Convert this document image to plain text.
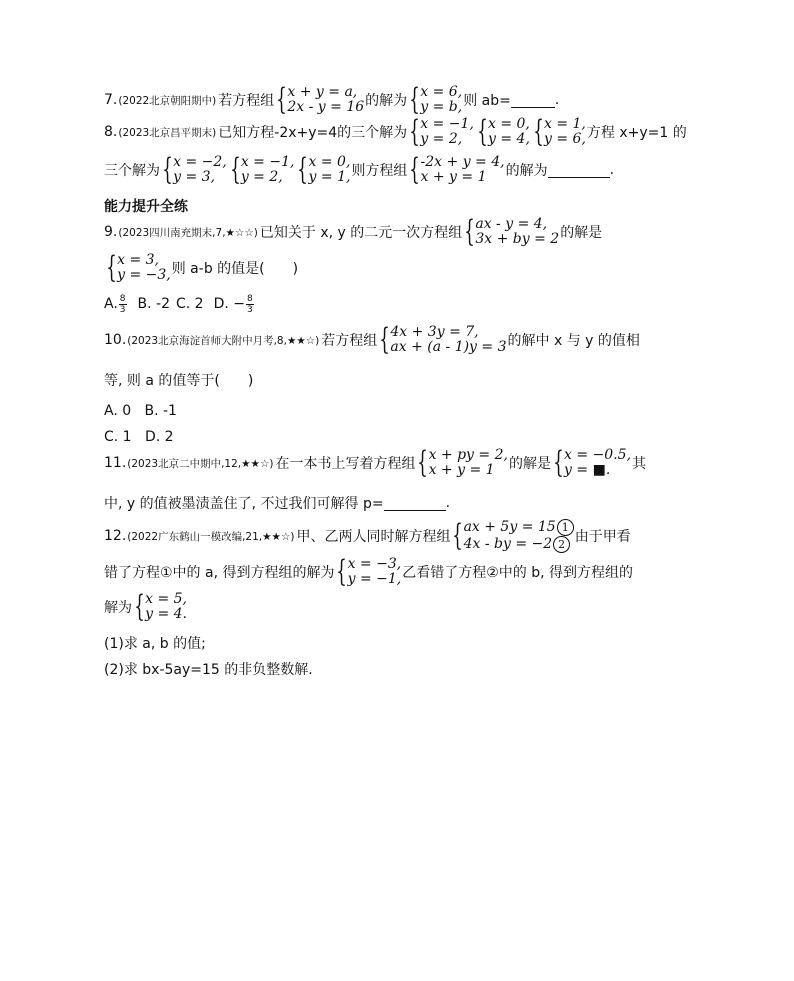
7. (2022北京朝阳期中) 若方程组 { x + y = a,
2x - y = 16 的解为 { x = 6,
y = b, 则 ab=	.
8. (2023北京昌平期末) 已知方程-2x+y=4的三个解为 { x = −1,
y = 2, { x = 0,
y = 4, { x = 1,
y = 6, 方程 x+y=1 的
三个解为 { x = −2,
y = 3, { x = −1,
y = 2, { x = 0,
y = 1, 则方程组 { -2x + y = 4,
x + y = 1	的解为	.
能力提升全练
9. (2023四川南充期末,7,★☆☆) 已知关于 x, y 的二元一次方程组 { ax - y = 4,
3x + by = 2 的解是
{ x = 3,
y = −3, 则 a-b 的值是(　　)
A. $\frac{8}{3} B$. -2 C. 2 D. − $\frac{8}{3}$
10. (2023北京海淀首师大附中月考,8,★★☆) 若方程组 { 4x + 3y = 7,
ax + (a - 1)y = 3 的解中 x 与 y 的值相
等, 则 a 的值等于(　　)
A. 0 B. -1
C. 1 D. 2
11. (2023北京二中期中,12,★★☆) 在一本书上写着方程组 { x + py = 2,
x + y = 1	的解是 { x = −0.5,
y = ■.	其
中, y 的值被墨渍盖住了, 不过我们可解得 p=	.
12. (2022广东鹤山一模改编,21,★★☆) 甲、乙两人同时解方程组 { ax + 5y = 15 1
4x - by = −2 2 由于甲看
错了方程①中的 a, 得到方程组的解为 { x = −3,
y = −1, 乙看错了方程②中的 b, 得到方程组的
解为 { x = 5,
y = 4.
(1)求 a, b 的值;
(2)求 bx-5ay=15 的非负整数解.
